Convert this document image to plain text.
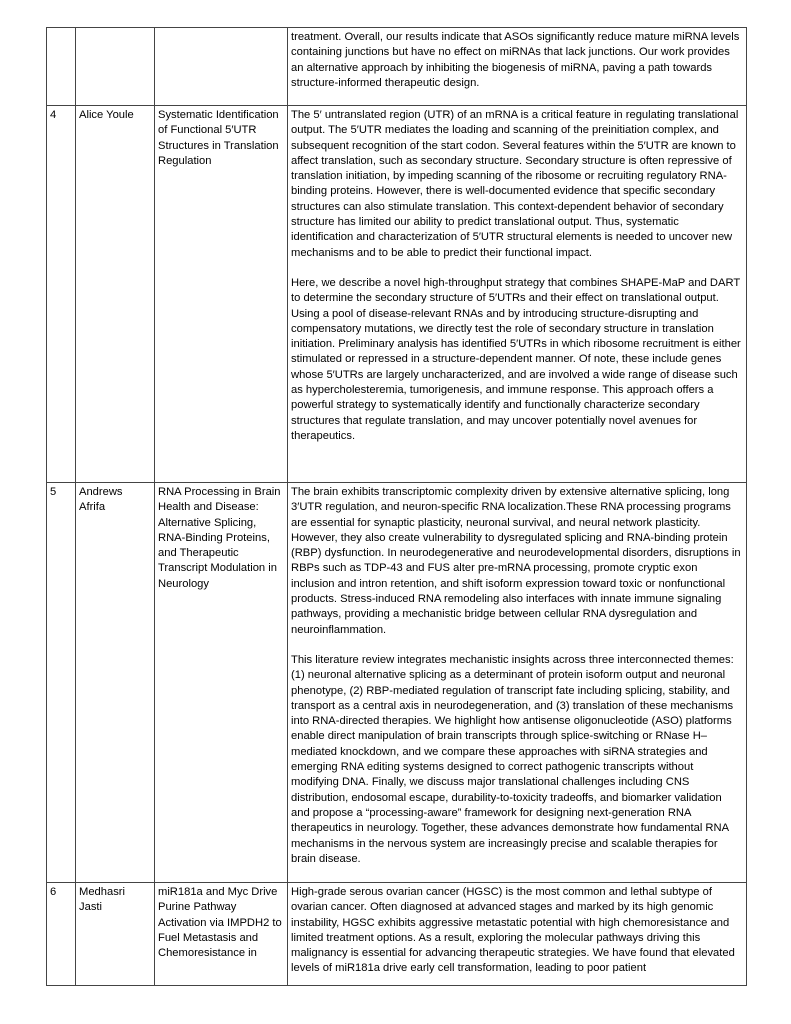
			treatment. Overall, our results indicate that ASOs significantly reduce mature miRNA levels containing junctions but have no effect on miRNAs that lack junctions. Our work provides an alternative approach by inhibiting the biogenesis of miRNA, paving a path towards structure-informed therapeutic design.

4	Alice Youle	Systematic Identification of Functional 5′UTR Structures in Translation Regulation	The 5′ untranslated region (UTR) of an mRNA is a critical feature in regulating translational output. The 5′UTR mediates the loading and scanning of the preinitiation complex, and subsequent recognition of the start codon. Several features within the 5′UTR are known to affect translation, such as secondary structure. Secondary structure is often repressive of translation initiation, by impeding scanning of the ribosome or recruiting regulatory RNA-binding proteins. However, there is well-documented evidence that specific secondary structures can also stimulate translation. This context-dependent behavior of secondary structure has limited our ability to predict translational output. Thus, systematic identification and characterization of 5′UTR structural elements is needed to uncover new mechanisms and to be able to predict their functional impact.

Here, we describe a novel high-throughput strategy that combines SHAPE-MaP and DART to determine the secondary structure of 5′UTRs and their effect on translational output. Using a pool of disease-relevant RNAs and by introducing structure-disrupting and compensatory mutations, we directly test the role of secondary structure in translation initiation. Preliminary analysis has identified 5′UTRs in which ribosome recruitment is either stimulated or repressed in a structure-dependent manner. Of note, these include genes whose 5′UTRs are largely uncharacterized, and are involved a wide range of disease such as hypercholesteremia, tumorigenesis, and immune response. This approach offers a powerful strategy to systematically identify and functionally characterize secondary structures that regulate translation, and may uncover potentially novel avenues for therapeutics.

5	Andrews Afrifa	RNA Processing in Brain Health and Disease: Alternative Splicing, RNA-Binding Proteins, and Therapeutic Transcript Modulation in Neurology	The brain exhibits transcriptomic complexity driven by extensive alternative splicing, long 3′UTR regulation, and neuron-specific RNA localization.These RNA processing programs are essential for synaptic plasticity, neuronal survival, and neural network plasticity. However, they also create vulnerability to dysregulated splicing and RNA-binding protein (RBP) dysfunction. In neurodegenerative and neurodevelopmental disorders, disruptions in RBPs such as TDP-43 and FUS alter pre-mRNA processing, promote cryptic exon inclusion and intron retention, and shift isoform expression toward toxic or nonfunctional products. Stress-induced RNA remodeling also interfaces with innate immune signaling pathways, providing a mechanistic bridge between cellular RNA dysregulation and neuroinflammation.

This literature review integrates mechanistic insights across three interconnected themes: (1) neuronal alternative splicing as a determinant of protein isoform output and neuronal phenotype, (2) RBP-mediated regulation of transcript fate including splicing, stability, and transport as a central axis in neurodegeneration, and (3) translation of these mechanisms into RNA-directed therapies. We highlight how antisense oligonucleotide (ASO) platforms enable direct manipulation of brain transcripts through splice-switching or RNase H–mediated knockdown, and we compare these approaches with siRNA strategies and emerging RNA editing systems designed to correct pathogenic transcripts without modifying DNA. Finally, we discuss major translational challenges including CNS distribution, endosomal escape, durability-to-toxicity tradeoffs, and biomarker validation and propose a “processing-aware” framework for designing next-generation RNA therapeutics in neurology. Together, these advances demonstrate how fundamental RNA mechanisms in the nervous system are increasingly precise and scalable therapies for brain disease.

6	Medhasri Jasti	miR181a and Myc Drive Purine Pathway Activation via IMPDH2 to Fuel Metastasis and Chemoresistance in	High-grade serous ovarian cancer (HGSC) is the most common and lethal subtype of ovarian cancer. Often diagnosed at advanced stages and marked by its high genomic instability, HGSC exhibits aggressive metastatic potential with high chemoresistance and limited treatment options. As a result, exploring the molecular pathways driving this malignancy is essential for advancing therapeutic strategies. We have found that elevated levels of miR181a drive early cell transformation, leading to poor patient
